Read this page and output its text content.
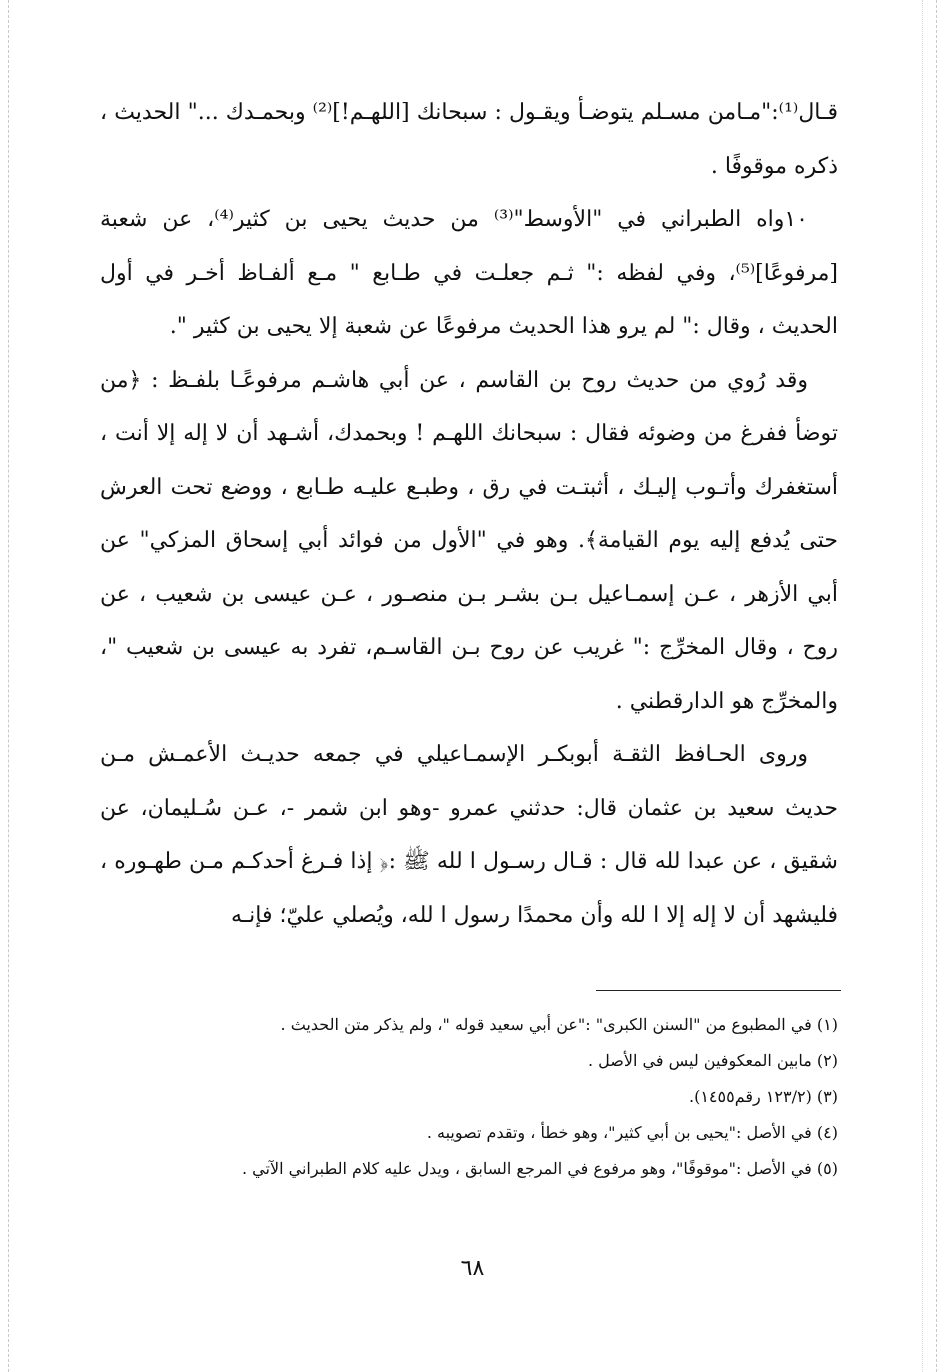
قـال⁽¹⁾:"مـامن مسـلم يتوضـأ ويقـول : سبحانك [اللهـم!]⁽²⁾ وبحمـدك ..." الحديث ، ذكره موقوفًا .

١٠واه الطبراني في "الأوسط"⁽³⁾ من حديث يحيى بن كثير⁽⁴⁾، عن شعبة [مرفوعًا]⁽⁵⁾، وفي لفظه :" ثـم جعلـت في طـابع " مـع ألفـاظ أخـر في أول الحديث ، وقال :" لم يرو هذا الحديث مرفوعًا عن شعبة إلا يحيى بن كثير ".

وقد رُوي من حديث روح بن القاسم ، عن أبي هاشـم مرفوعًـا بلفـظ : ﴿من توضأ ففرغ من وضوئه فقال : سبحانك اللهـم ! وبحمدك، أشـهد أن لا إله إلا أنت ، أستغفرك وأتـوب إليـك ، أثبتـت في رق ، وطبـع عليـه طـابع ، ووضع تحت العرش حتى يُدفع إليه يوم القيامة﴾. وهو في "الأول من فوائد أبي إسحاق المزكي" عن أبي الأزهر ، عـن إسمـاعيل بـن بشـر بـن منصـور ، عـن عيسى بن شعيب ، عن روح ، وقال المخرِّج :" غريب عن روح بـن القاسـم، تفرد به عيسى بن شعيب "، والمخرِّج هو الدارقطني .

وروى الحـافظ الثقـة أبوبكـر الإسمـاعيلي في جمعه حديـث الأعمـش مـن حديث سعيد بن عثمان قال: حدثني عمرو -وهو ابن شمر -، عـن سُـليمان، عن شقيق ، عن عبدا لله قال : قـال رسـول ا لله ﷺ :﴿ إذا فـرغ أحدكـم مـن طهـوره ، فليشهد أن لا إله إلا ا لله وأن محمدًا رسول ا لله، ويُصلي عليّ؛ فإنـه

(١) في المطبوع من "السنن الكبرى" :"عن أبي سعيد قوله "، ولم يذكر متن الحديث .

(٢) مابين المعكوفين ليس في الأصل .

(٣) (١٢٣/٢ رقم١٤٥٥).

(٤) في الأصل :"يحيى بن أبي كثير"، وهو خطأ ، وتقدم تصويبه .

(٥) في الأصل :"موقوفًا"، وهو مرفوع في المرجع السابق ، ويدل عليه كلام الطبراني الآتي .

٦٨
